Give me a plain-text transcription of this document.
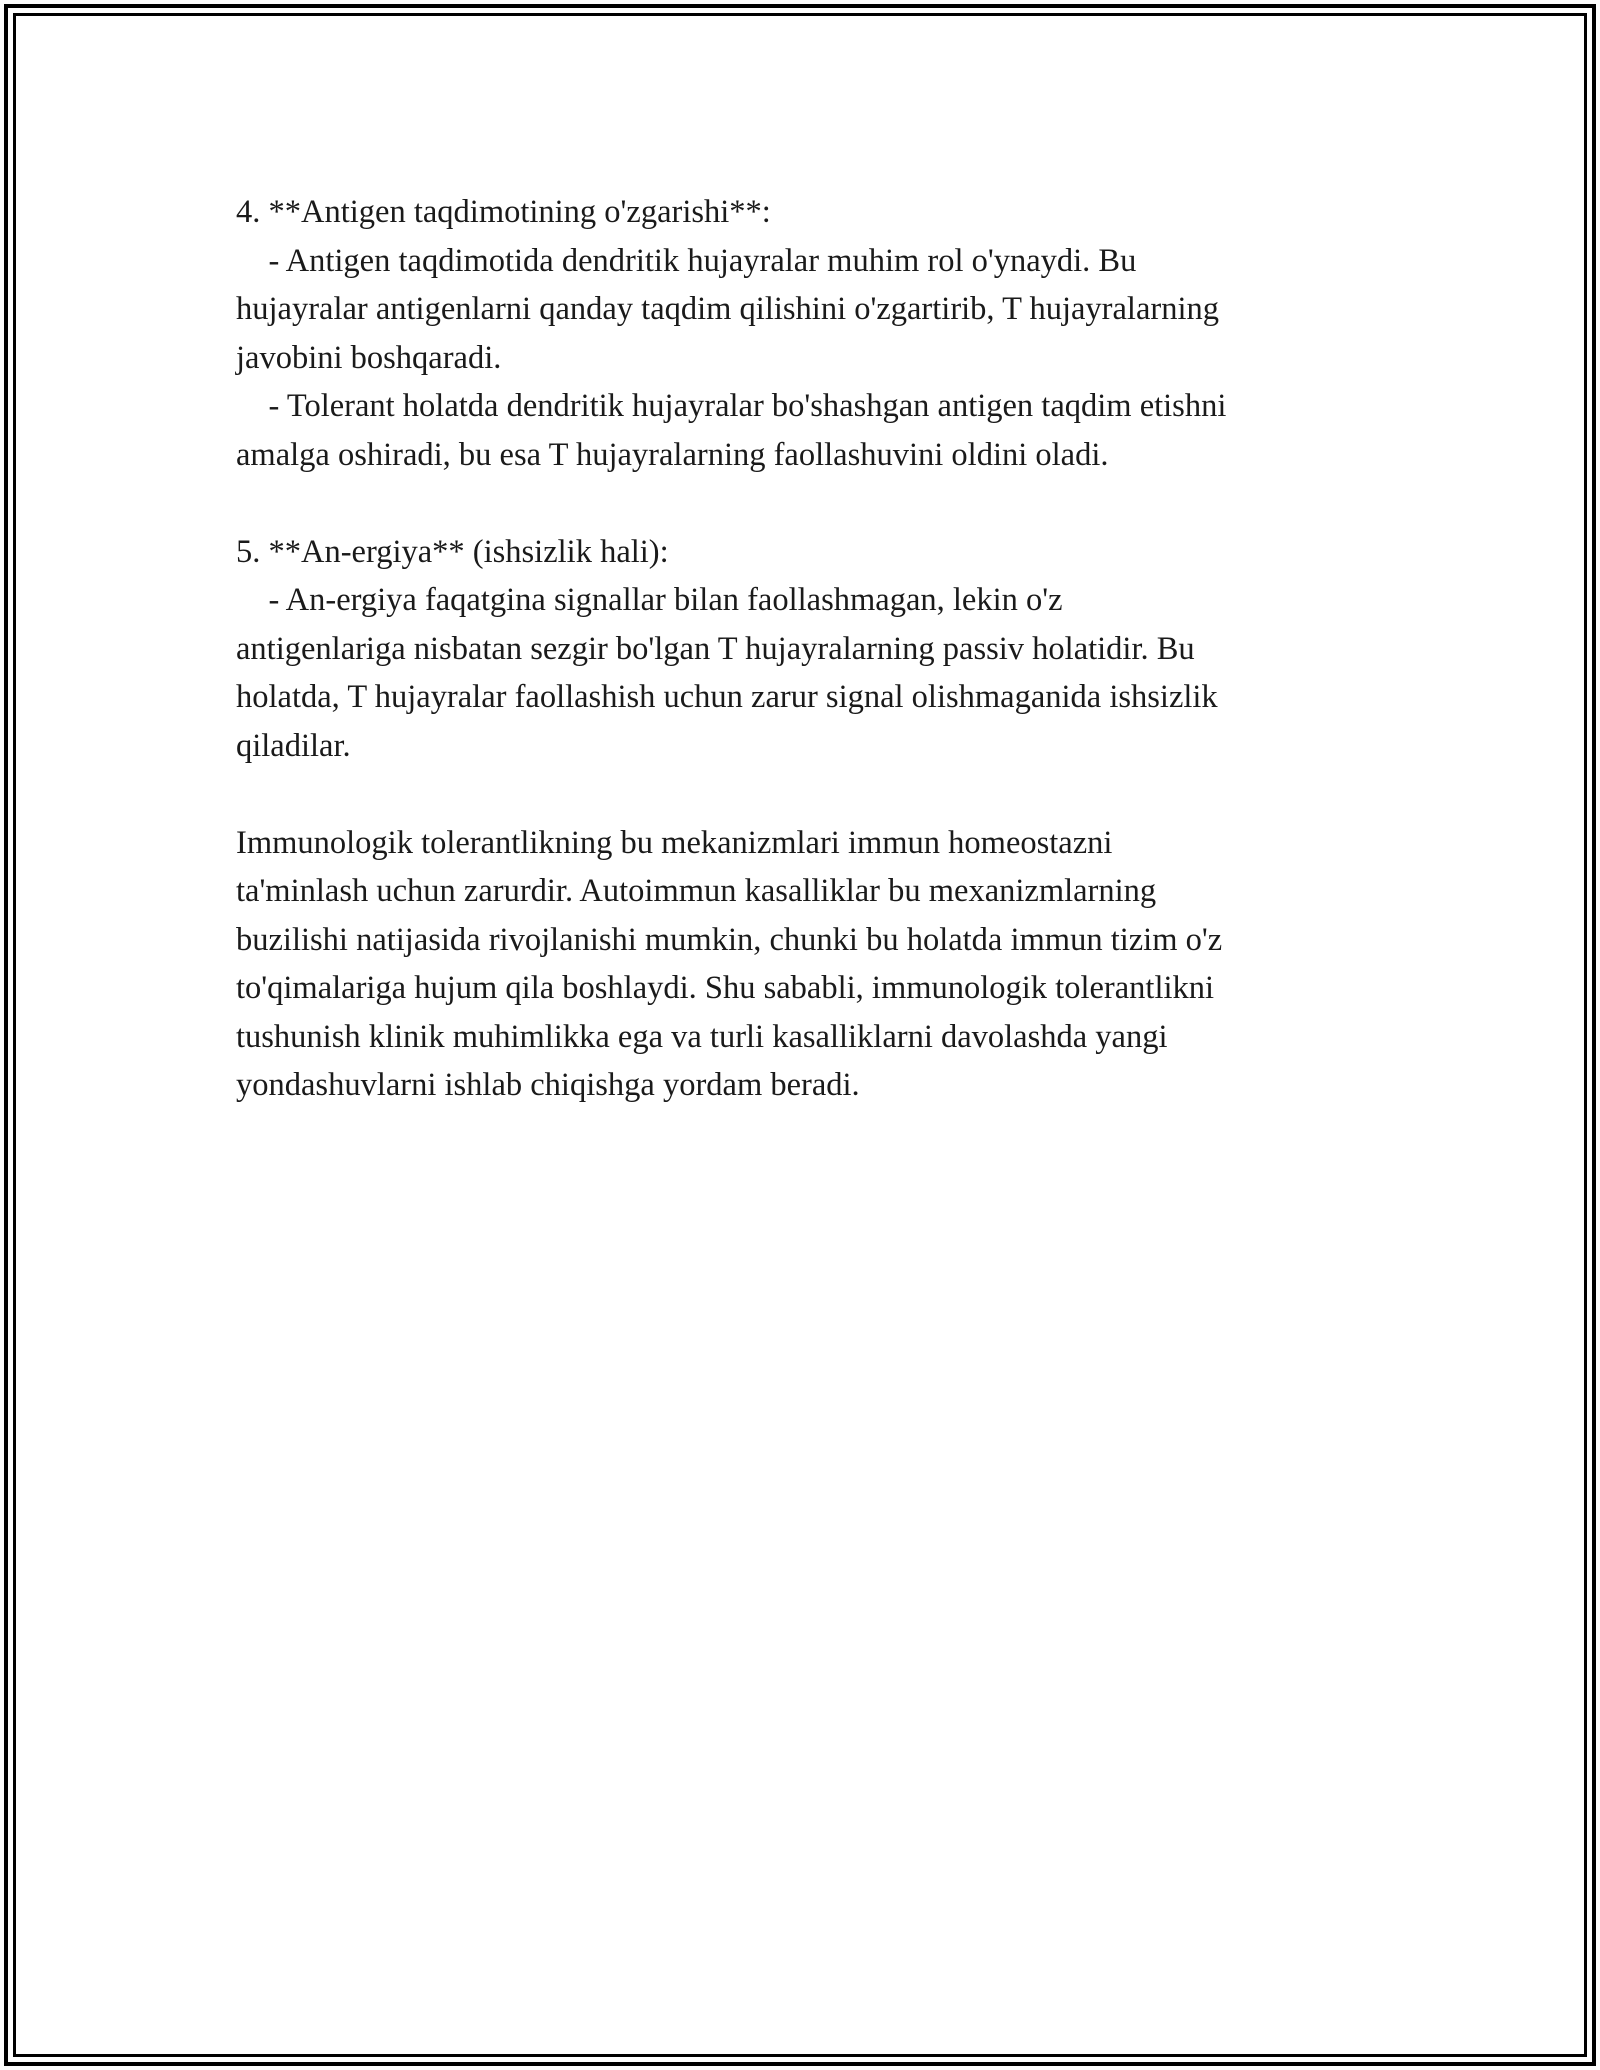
4. **Antigen taqdimotining o'zgarishi**:
- Antigen taqdimotida dendritik hujayralar muhim rol o'ynaydi. Bu
hujayralar antigenlarni qanday taqdim qilishini o'zgartirib, T hujayralarning
javobini boshqaradi.
- Tolerant holatda dendritik hujayralar bo'shashgan antigen taqdim etishni
amalga oshiradi, bu esa T hujayralarning faollashuvini oldini oladi.
5. **An-ergiya** (ishsizlik hali):
- An-ergiya faqatgina signallar bilan faollashmagan, lekin o'z
antigenlariga nisbatan sezgir bo'lgan T hujayralarning passiv holatidir. Bu
holatda, T hujayralar faollashish uchun zarur signal olishmaganida ishsizlik
qiladilar.
Immunologik tolerantlikning bu mekanizmlari immun homeostazni
ta'minlash uchun zarurdir. Autoimmun kasalliklar bu mexanizmlarning
buzilishi natijasida rivojlanishi mumkin, chunki bu holatda immun tizim o'z
to'qimalariga hujum qila boshlaydi. Shu sababli, immunologik tolerantlikni
tushunish klinik muhimlikka ega va turli kasalliklarni davolashda yangi
yondashuvlarni ishlab chiqishga yordam beradi.
